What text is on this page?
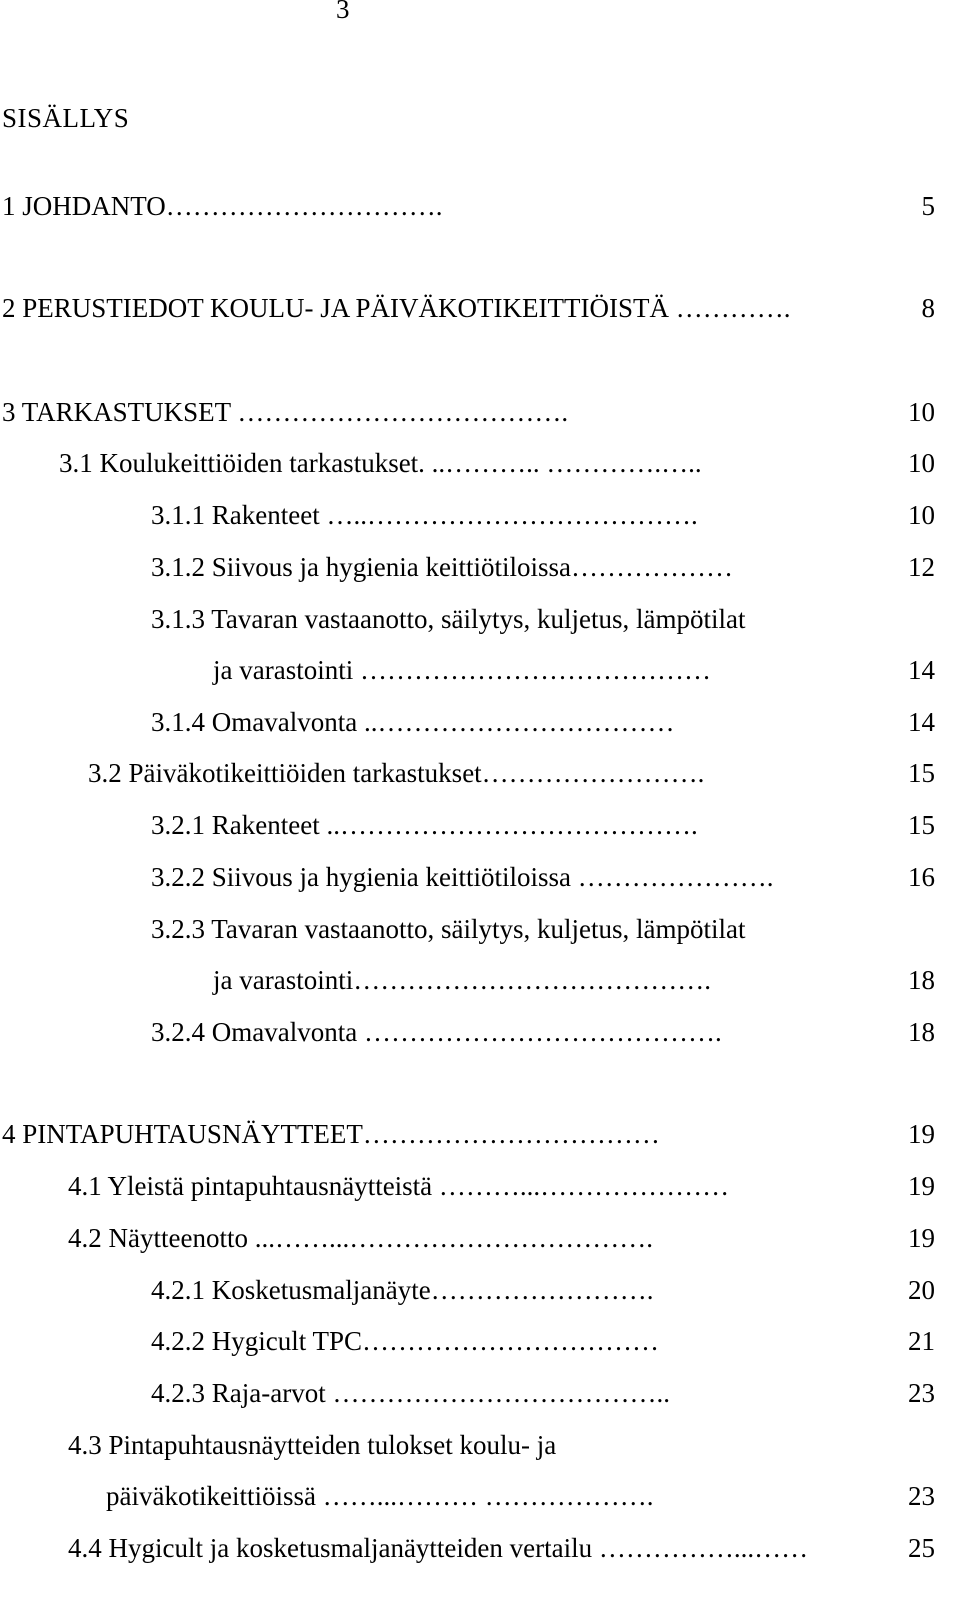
3
SISÄLLYS
1 JOHDANTO………………………….	5
2 PERUSTIEDOT KOULU- JA PÄIVÄKOTIKEITTIÖISTÄ ………….	8
3 TARKASTUKSET ……………………………….	10
3.1 Koulukeittiöiden tarkastukset. ..……….. ………….…..	10
3.1.1 Rakenteet …..……………………………….	10
3.1.2 Siivous ja hygienia keittiötiloissa………………	12
3.1.3 Tavaran vastaanotto, säilytys, kuljetus, lämpötilat
ja varastointi …………………………………	14
3.1.4 Omavalvonta ..……………………………	14
3.2 Päiväkotikeittiöiden tarkastukset…………………….	15
3.2.1 Rakenteet ..………………………………….	15
3.2.2 Siivous ja hygienia keittiötiloissa ………………….	16
3.2.3 Tavaran vastaanotto, säilytys, kuljetus, lämpötilat
ja varastointi………………………………….	18
3.2.4 Omavalvonta ………………………………….	18
4 PINTAPUHTAUSNÄYTTEET……………………………	19
4.1 Yleistä pintapuhtausnäytteistä ………...…………………	19
4.2 Näytteenotto ...……...…………………………….	19
4.2.1 Kosketusmaljanäyte…………………….	20
4.2.2 Hygicult TPC……………………………	21
4.2.3 Raja-arvot ………………………………..	23
4.3 Pintapuhtausnäytteiden tulokset koulu- ja
päiväkotikeittiöissä ……...……… ……………….	23
4.4 Hygicult ja kosketusmaljanäytteiden vertailu ……………...……	25
